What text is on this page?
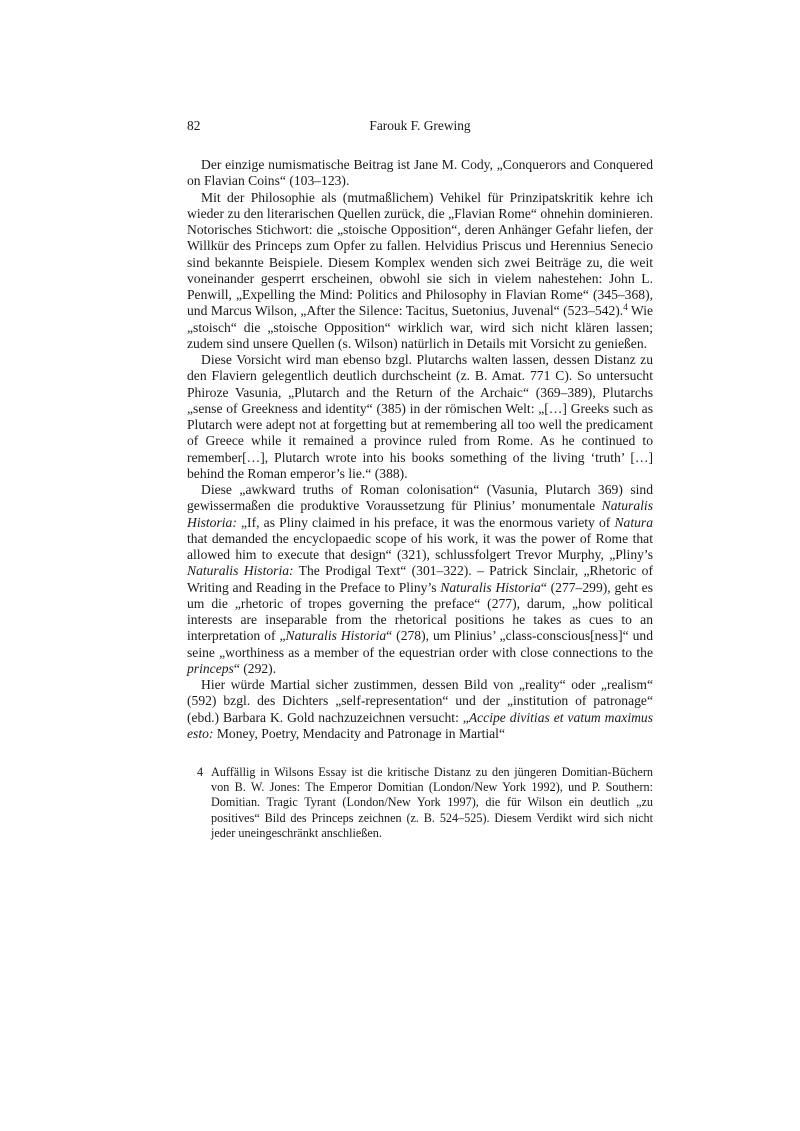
82	Farouk F. Grewing

Der einzige numismatische Beitrag ist Jane M. Cody, „Conquerors and Conquered on Flavian Coins“ (103–123).

Mit der Philosophie als (mutmaßlichem) Vehikel für Prinzipatskritik kehre ich wieder zu den literarischen Quellen zurück, die „Flavian Rome“ ohnehin dominieren. Notorisches Stichwort: die „stoische Opposition“, deren Anhänger Gefahr liefen, der Willkür des Princeps zum Opfer zu fallen. Helvidius Priscus und Herennius Senecio sind bekannte Beispiele. Diesem Komplex wenden sich zwei Beiträge zu, die weit voneinander gesperrt erscheinen, obwohl sie sich in vielem nahestehen: John L. Penwill, „Expelling the Mind: Politics and Philosophy in Flavian Rome“ (345–368), und Marcus Wilson, „After the Silence: Tacitus, Suetonius, Juvenal“ (523–542).$^4$ Wie „stoisch“ die „stoische Opposition“ wirklich war, wird sich nicht klären lassen; zudem sind unsere Quellen (s. Wilson) natürlich in Details mit Vorsicht zu genießen.

Diese Vorsicht wird man ebenso bzgl. Plutarchs walten lassen, dessen Distanz zu den Flaviern gelegentlich deutlich durchscheint (z. B. Amat. 771 C). So untersucht Phiroze Vasunia, „Plutarch and the Return of the Archaic“ (369–389), Plutarchs „sense of Greekness and identity“ (385) in der römischen Welt: „[…] Greeks such as Plutarch were adept not at forgetting but at remembering all too well the predicament of Greece while it remained a province ruled from Rome. As he continued to remember[…], Plutarch wrote into his books something of the living ‘truth’ […] behind the Roman emperor’s lie.“ (388).

Diese „awkward truths of Roman colonisation“ (Vasunia, Plutarch 369) sind gewissermaßen die produktive Voraussetzung für Plinius’ monumentale Naturalis Historia: „If, as Pliny claimed in his preface, it was the enormous variety of Natura that demanded the encyclopaedic scope of his work, it was the power of Rome that allowed him to execute that design“ (321), schlussfolgert Trevor Murphy, „Pliny’s Naturalis Historia: The Prodigal Text“ (301–322). – Patrick Sinclair, „Rhetoric of Writing and Reading in the Preface to Pliny’s Naturalis Historia“ (277–299), geht es um die „rhetoric of tropes governing the preface“ (277), darum, „how political interests are inseparable from the rhetorical positions he takes as cues to an interpretation of „Naturalis Historia“ (278), um Plinius’ „class-conscious[ness]“ und seine „worthiness as a member of the equestrian order with close connections to the princeps“ (292).

Hier würde Martial sicher zustimmen, dessen Bild von „reality“ oder „realism“ (592) bzgl. des Dichters „self-representation“ und der „institution of patronage“ (ebd.) Barbara K. Gold nachzuzeichnen versucht: „Accipe divitias et vatum maximus esto: Money, Poetry, Mendacity and Patronage in Martial“

4 Auffällig in Wilsons Essay ist die kritische Distanz zu den jüngeren Domitian-Büchern von B. W. Jones: The Emperor Domitian (London/New York 1992), und P. Southern: Domitian. Tragic Tyrant (London/New York 1997), die für Wilson ein deutlich „zu positives“ Bild des Princeps zeichnen (z. B. 524–525). Diesem Verdikt wird sich nicht jeder uneingeschränkt anschließen.
